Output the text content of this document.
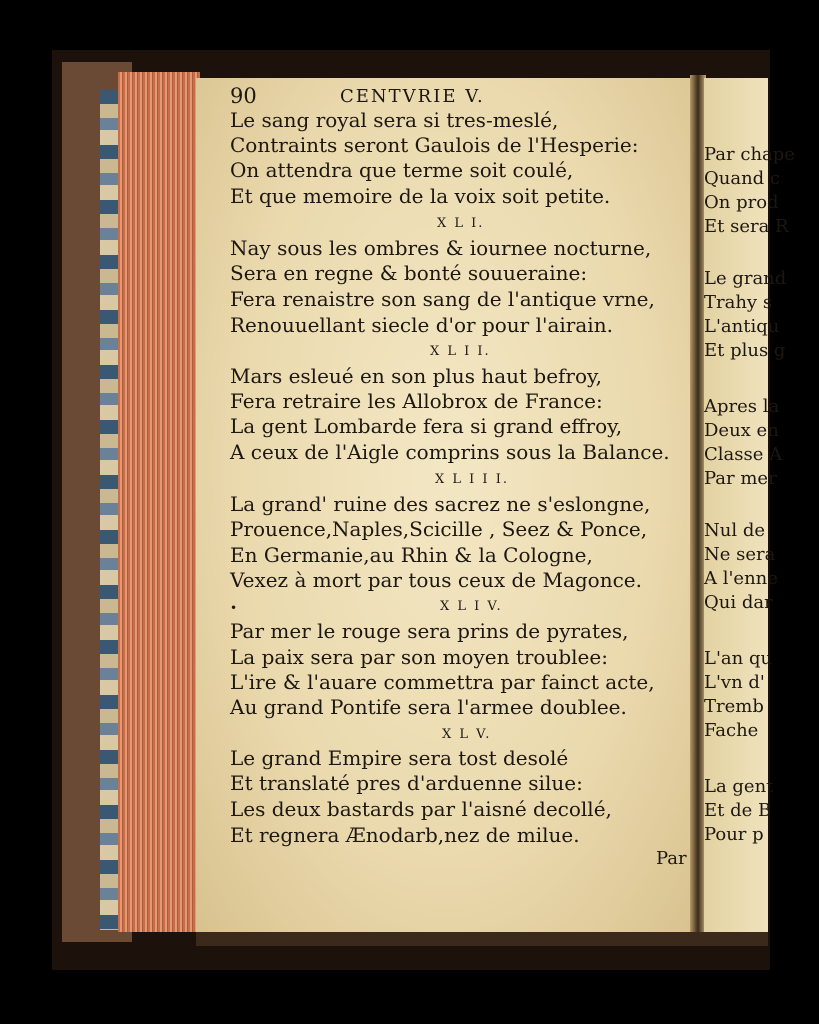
90	CENTVRIE V.
Le sang royal sera si tres-meslé,
Contraints seront Gaulois de l'Hesperie:
On attendra que terme soit coulé,
Et que memoire de la voix soit petite.
X L I.
Nay sous les ombres & iournee nocturne,
Sera en regne & bonté souueraine:
Fera renaistre son sang de l'antique vrne,
Renouuellant siecle d'or pour l'airain.
X L I I.
Mars esleué en son plus haut befroy,
Fera retraire les Allobrox de France:
La gent Lombarde fera si grand effroy,
A ceux de l'Aigle comprins sous la Balance.
X L I I I.
La grand' ruine des sacrez ne s'eslongne,
Prouence,Naples,Scicille , Seez & Ponce,
En Germanie,au Rhin & la Cologne,
Vexez à mort par tous ceux de Magonce.
•	X L I V.
Par mer le rouge sera prins de pyrates,
La paix sera par son moyen troublee:
L'ire & l'auare commettra par fainct acte,
Au grand Pontife sera l'armee doublee.
X L V.
Le grand Empire sera tost desolé
Et translaté pres d'arduenne silue:
Les deux bastards par l'aisné decollé,
Et regnera Ænodarb,nez de milue.
Par
Par chape
Quand c
On prod
Et sera R
Le grand
Trahy s
L'antiqu
Et plus g
Apres la
Deux en
Classe A
Par mer
Nul de
Ne sera
A l'enne
Qui dar
L'an qu
L'vn d'
Tremb
Fache
La gent
Et de B
Pour p
